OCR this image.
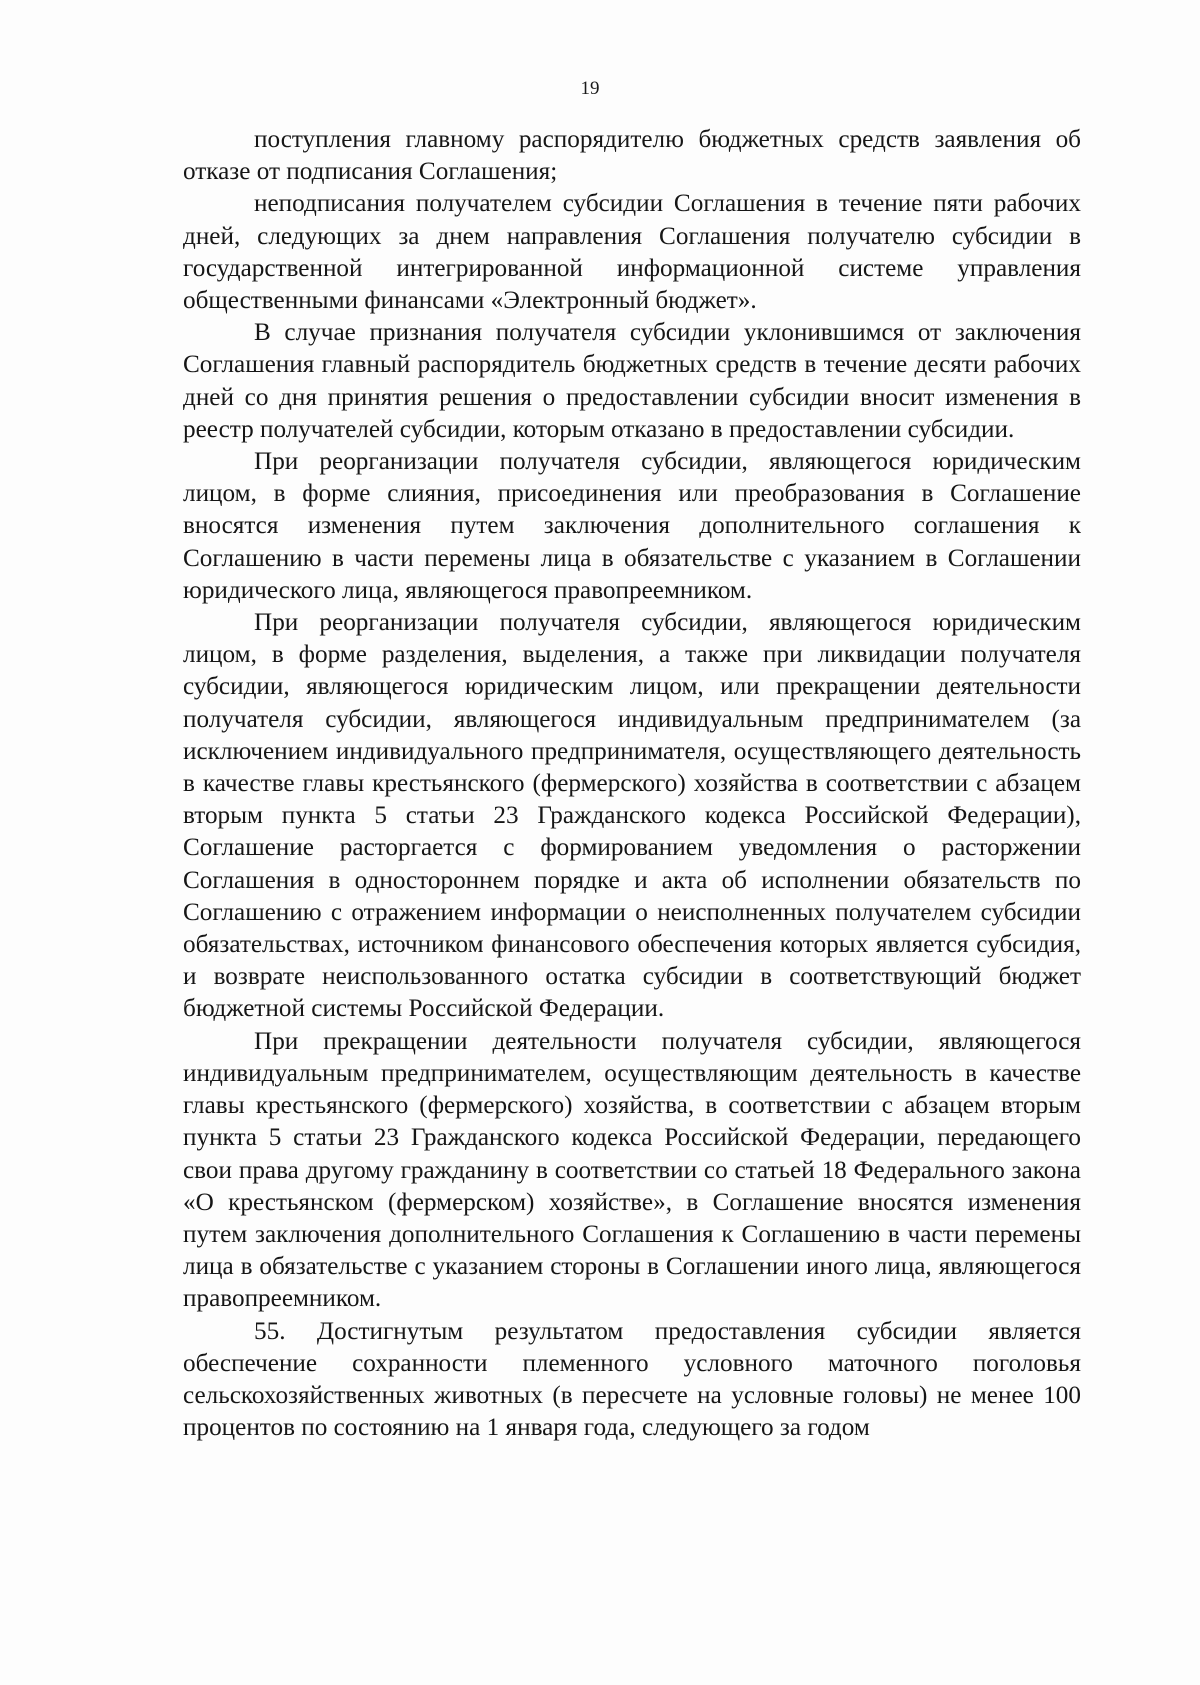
19

поступления главному распорядителю бюджетных средств заявления об отказе от подписания Соглашения;

неподписания получателем субсидии Соглашения в течение пяти рабочих дней, следующих за днем направления Соглашения получателю субсидии в государственной интегрированной информационной системе управления общественными финансами «Электронный бюджет».

В случае признания получателя субсидии уклонившимся от заключения Соглашения главный распорядитель бюджетных средств в течение десяти рабочих дней со дня принятия решения о предоставлении субсидии вносит изменения в реестр получателей субсидии, которым отказано в предоставлении субсидии.

При реорганизации получателя субсидии, являющегося юридическим лицом, в форме слияния, присоединения или преобразования в Соглашение вносятся изменения путем заключения дополнительного соглашения к Соглашению в части перемены лица в обязательстве с указанием в Соглашении юридического лица, являющегося правопреемником.

При реорганизации получателя субсидии, являющегося юридическим лицом, в форме разделения, выделения, а также при ликвидации получателя субсидии, являющегося юридическим лицом, или прекращении деятельности получателя субсидии, являющегося индивидуальным предпринимателем (за исключением индивидуального предпринимателя, осуществляющего деятельность в качестве главы крестьянского (фермерского) хозяйства в соответствии с абзацем вторым пункта 5 статьи 23 Гражданского кодекса Российской Федерации), Соглашение расторгается с формированием уведомления о расторжении Соглашения в одностороннем порядке и акта об исполнении обязательств по Соглашению с отражением информации о неисполненных получателем субсидии обязательствах, источником финансового обеспечения которых является субсидия, и возврате неиспользованного остатка субсидии в соответствующий бюджет бюджетной системы Российской Федерации.

При прекращении деятельности получателя субсидии, являющегося индивидуальным предпринимателем, осуществляющим деятельность в качестве главы крестьянского (фермерского) хозяйства, в соответствии с абзацем вторым пункта 5 статьи 23 Гражданского кодекса Российской Федерации, передающего свои права другому гражданину в соответствии со статьей 18 Федерального закона «О крестьянском (фермерском) хозяйстве», в Соглашение вносятся изменения путем заключения дополнительного Соглашения к Соглашению в части перемены лица в обязательстве с указанием стороны в Соглашении иного лица, являющегося правопреемником.

55. Достигнутым результатом предоставления субсидии является обеспечение сохранности племенного условного маточного поголовья сельскохозяйственных животных (в пересчете на условные головы) не менее 100 процентов по состоянию на 1 января года, следующего за годом
